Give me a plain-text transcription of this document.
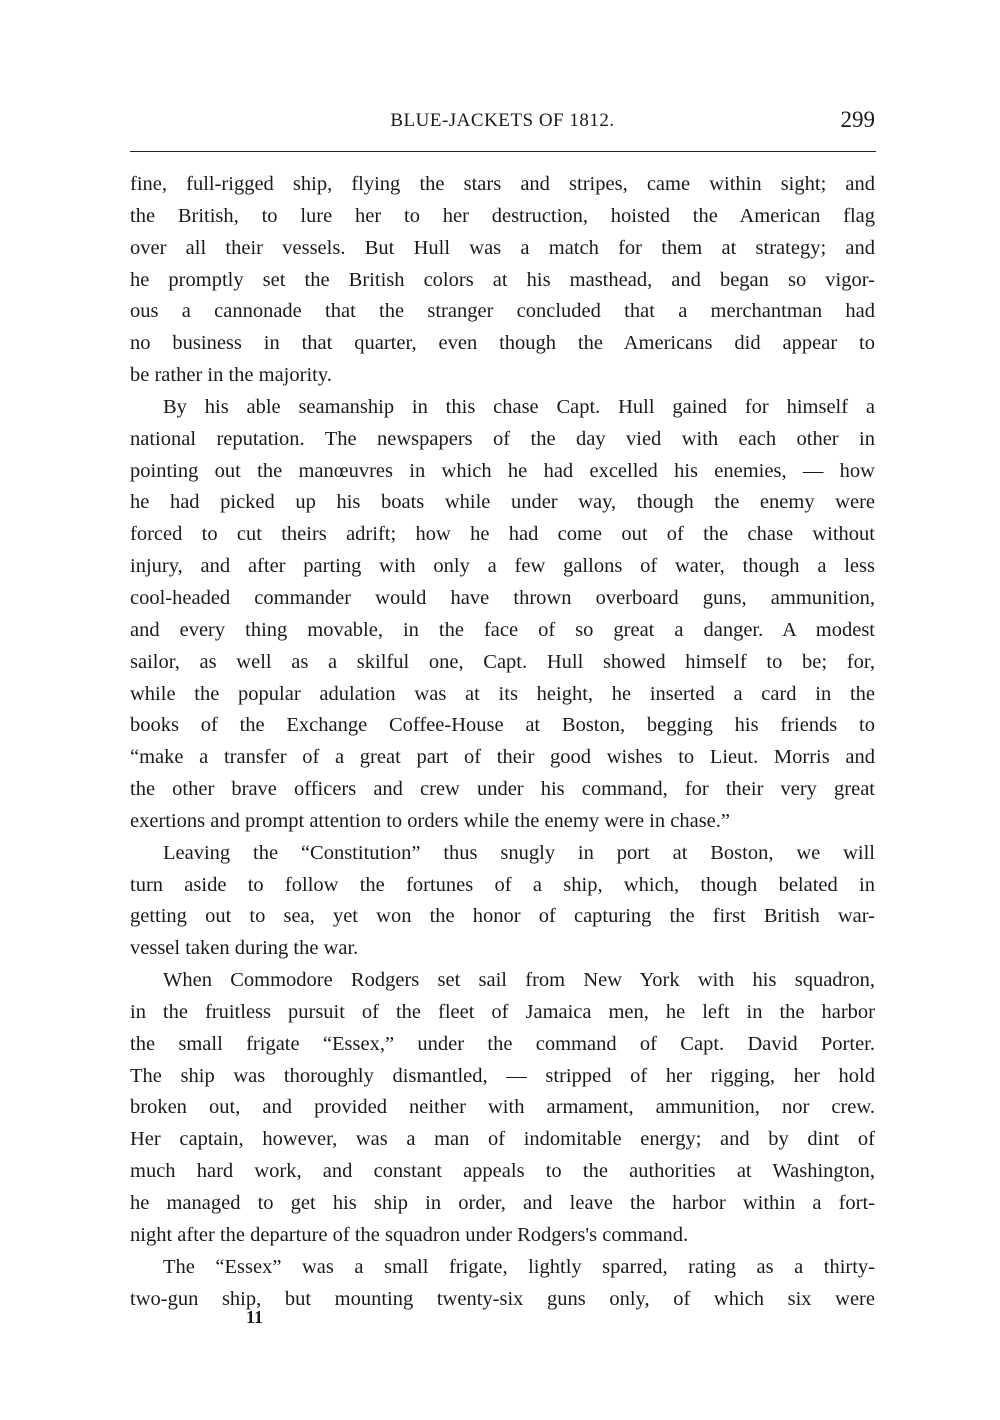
BLUE-JACKETS OF 1812.	299
fine, full-rigged ship, flying the stars and stripes, came within sight; and
the British, to lure her to her destruction, hoisted the American flag
over all their vessels. But Hull was a match for them at strategy; and
he promptly set the British colors at his masthead, and began so vigor-
ous a cannonade that the stranger concluded that a merchantman had
no business in that quarter, even though the Americans did appear to
be rather in the majority.
By his able seamanship in this chase Capt. Hull gained for himself a
national reputation. The newspapers of the day vied with each other in
pointing out the manœuvres in which he had excelled his enemies, — how
he had picked up his boats while under way, though the enemy were
forced to cut theirs adrift; how he had come out of the chase without
injury, and after parting with only a few gallons of water, though a less
cool-headed commander would have thrown overboard guns, ammunition,
and every thing movable, in the face of so great a danger. A modest
sailor, as well as a skilful one, Capt. Hull showed himself to be; for,
while the popular adulation was at its height, he inserted a card in the
books of the Exchange Coffee-House at Boston, begging his friends to
“make a transfer of a great part of their good wishes to Lieut. Morris and
the other brave officers and crew under his command, for their very great
exertions and prompt attention to orders while the enemy were in chase.”
Leaving the “Constitution” thus snugly in port at Boston, we will
turn aside to follow the fortunes of a ship, which, though belated in
getting out to sea, yet won the honor of capturing the first British war-
vessel taken during the war.
When Commodore Rodgers set sail from New York with his squadron,
in the fruitless pursuit of the fleet of Jamaica men, he left in the harbor
the small frigate “Essex,” under the command of Capt. David Porter.
The ship was thoroughly dismantled, — stripped of her rigging, her hold
broken out, and provided neither with armament, ammunition, nor crew.
Her captain, however, was a man of indomitable energy; and by dint of
much hard work, and constant appeals to the authorities at Washington,
he managed to get his ship in order, and leave the harbor within a fort-
night after the departure of the squadron under Rodgers's command.
The “Essex” was a small frigate, lightly sparred, rating as a thirty-
two-gun ship, but mounting twenty-six guns only, of which six were
11
